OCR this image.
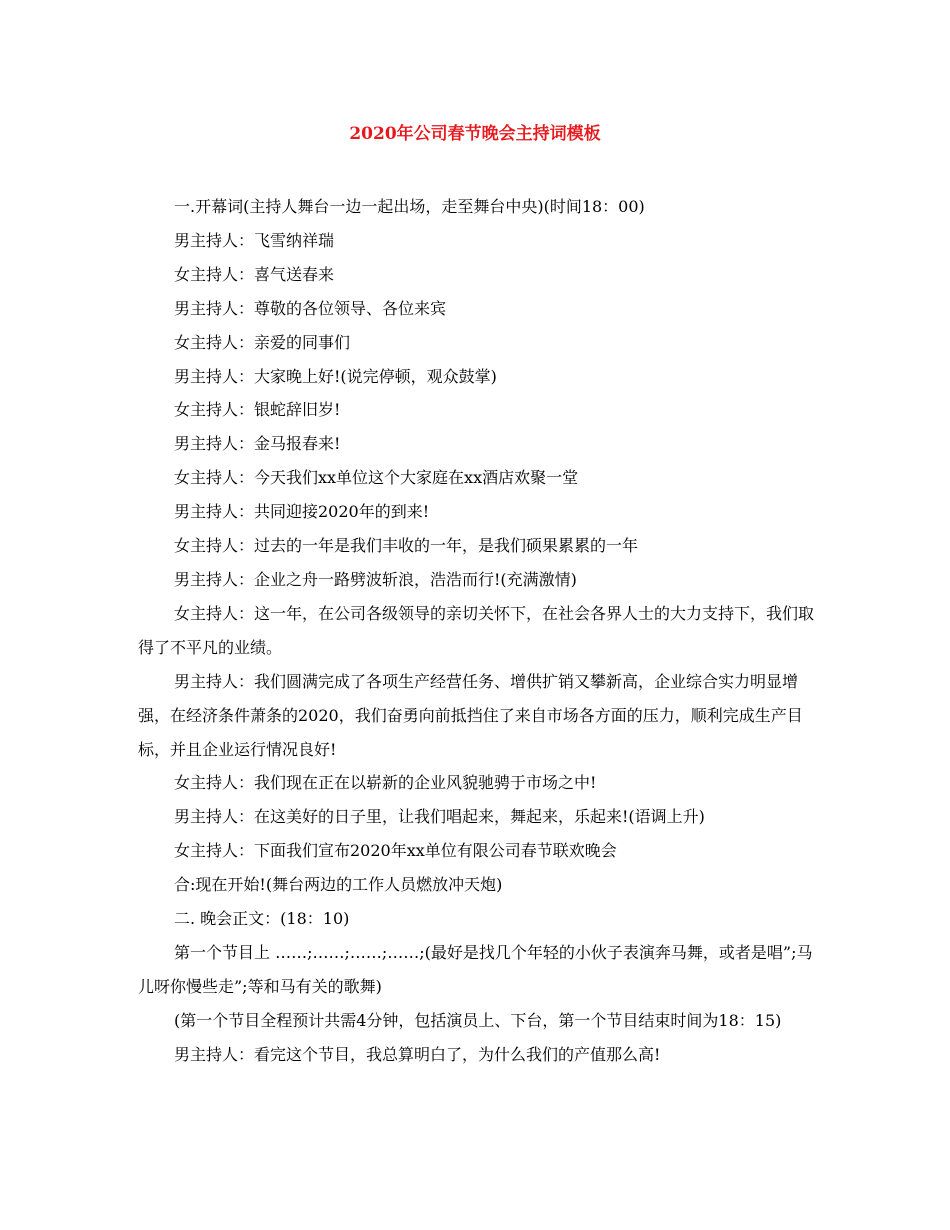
2020年公司春节晚会主持词模板

一.开幕词(主持人舞台一边一起出场，走至舞台中央)(时间18：00)

男主持人：飞雪纳祥瑞

女主持人：喜气送春来

男主持人：尊敬的各位领导、各位来宾

女主持人：亲爱的同事们

男主持人：大家晚上好!(说完停顿，观众鼓掌)

女主持人：银蛇辞旧岁!

男主持人：金马报春来!

女主持人：今天我们xx单位这个大家庭在xx酒店欢聚一堂

男主持人：共同迎接2020年的到来!

女主持人：过去的一年是我们丰收的一年，是我们硕果累累的一年

男主持人：企业之舟一路劈波斩浪，浩浩而行!(充满激情)

女主持人：这一年，在公司各级领导的亲切关怀下，在社会各界人士的大力支持下，我们取得了不平凡的业绩。

男主持人：我们圆满完成了各项生产经营任务、增供扩销又攀新高，企业综合实力明显增强，在经济条件萧条的2020，我们奋勇向前抵挡住了来自市场各方面的压力，顺利完成生产目标，并且企业运行情况良好!

女主持人：我们现在正在以崭新的企业风貌驰骋于市场之中!

男主持人：在这美好的日子里，让我们唱起来，舞起来，乐起来!(语调上升)

女主持人：下面我们宣布2020年xx单位有限公司春节联欢晚会

合:现在开始!(舞台两边的工作人员燃放冲天炮)

二. 晚会正文：(18：10)

第一个节目上 ……;……;……;……;(最好是找几个年轻的小伙子表演奔马舞，或者是唱”;马儿呀你慢些走”;等和马有关的歌舞)

(第一个节目全程预计共需4分钟，包括演员上、下台，第一个节目结束时间为18：15)

男主持人：看完这个节目，我总算明白了，为什么我们的产值那么高!
